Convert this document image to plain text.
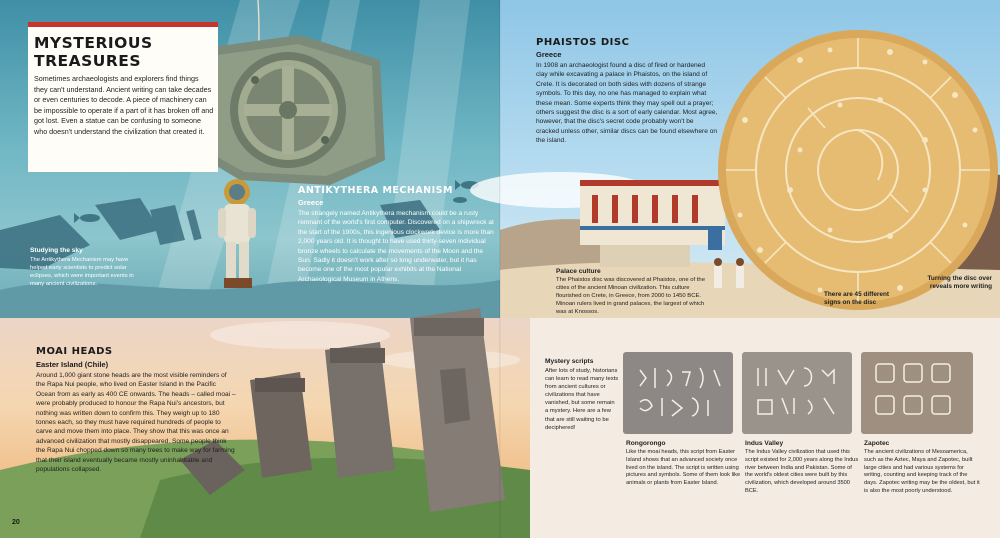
MYSTERIOUS
TREASURES

Sometimes archaeologists and explorers find things they can't understand. Ancient writing can take decades or even centuries to decode. A piece of machinery can be impossible to operate if a part of it has broken off and got lost. Even a statue can be confusing to someone who doesn't understand the civilization that created it.

ANTIKYTHERA MECHANISM
Greece

The strangely named Antikythera mechanism could be a rusty remnant of the world's first computer. Discovered on a shipwreck at the start of the 1900s, this ingenious clockwork device is more than 2,000 years old. It is thought to have used thirty-seven individual bronze wheels to calculate the movements of the Moon and the Sun. Sadly it doesn't work after so long underwater, but it has become one of the most popular exhibits at the National Archaeological Museum in Athens.

Studying the sky

The Antikythera Mechanism may have helped early scientists to predict solar eclipses, which were important events in many ancient civilizations.

PHAISTOS DISC
Greece

In 1908 an archaeologist found a disc of fired or hardened clay while excavating a palace in Phaistos, on the island of Crete. It is decorated on both sides with dozens of strange symbols. To this day, no one has managed to explain what these mean. Some experts think they may spell out a prayer; others suggest the disc is a sort of early calendar. Most agree, however, that the disc's secret code probably won't be cracked unless other, similar discs can be found elsewhere on the island.

Palace culture

The Phaistos disc was discovered at Phaistos, one of the cities of the ancient Minoan civilization. This culture flourished on Crete, in Greece, from 2000 to 1450 BCE. Minoan rulers lived in grand palaces, the largest of which was at Knossos.

There are 45 different signs on the disc
Turning the disc over reveals more writing
MOAI HEADS
Easter Island (Chile)

Around 1,000 giant stone heads are the most visible reminders of the Rapa Nui people, who lived on Easter Island in the Pacific Ocean from as early as 400 CE onwards. The heads – called moai – were probably produced to honour the Rapa Nui's ancestors, but nothing was written down to confirm this. They weigh up to 180 tonnes each, so they must have required hundreds of people to carve and move them into place. They show that this was once an advanced civilization that mostly disappeared. Some people think the Rapa Nui chopped down so many trees to make way for farming that their island eventually became mostly uninhabitable and populations collapsed.

20
Mystery scripts

After lots of study, historians can learn to read many texts from ancient cultures or civilizations that have vanished, but some remain a mystery. Here are a few that are still waiting to be deciphered!

Rongorongo

Like the moai heads, this script from Easter Island shows that an advanced society once lived on the island. The script is written using pictures and symbols. Some of them look like animals or plants from Easter Island.

Indus Valley

The Indus Valley civilization that used this script existed for 2,000 years along the Indus river between India and Pakistan. Some of the world's oldest cities were built by this civilization, which developed around 3500 BCE.

Zapotec

The ancient civilizations of Mesoamerica, such as the Aztec, Maya and Zapotec, built large cities and had various systems for writing, counting and keeping track of the days. Zapotec writing may be the oldest, but it is also the most poorly understood.
